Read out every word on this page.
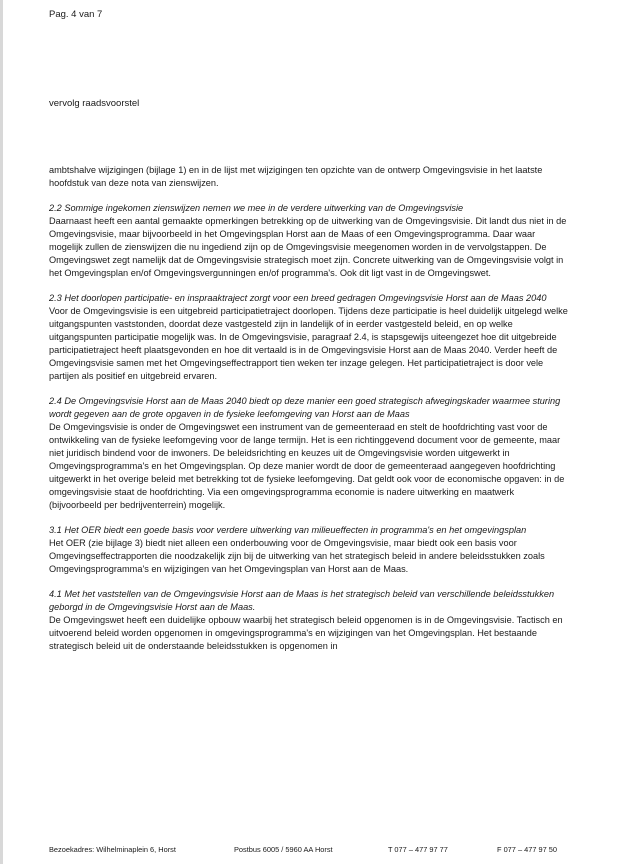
Pag. 4 van 7
vervolg raadsvoorstel

ambtshalve wijzigingen (bijlage 1) en in de lijst met wijzigingen ten opzichte van de ontwerp Omgevingsvisie in het laatste hoofdstuk van deze nota van zienswijzen.

2.2 Sommige ingekomen zienswijzen nemen we mee in de verdere uitwerking van de Omgevingsvisie
Daarnaast heeft een aantal gemaakte opmerkingen betrekking op de uitwerking van de Omgevingsvisie. Dit landt dus niet in de Omgevingsvisie, maar bijvoorbeeld in het Omgevingsplan Horst aan de Maas of een Omgevingsprogramma. Daar waar mogelijk zullen de zienswijzen die nu ingediend zijn op de Omgevingsvisie meegenomen worden in de vervolgstappen. De Omgevingswet zegt namelijk dat de Omgevingsvisie strategisch moet zijn. Concrete uitwerking van de Omgevingsvisie volgt in het Omgevingsplan en/of Omgevingsvergunningen en/of programma's. Ook dit ligt vast in de Omgevingswet.

2.3 Het doorlopen participatie- en inspraaktraject zorgt voor een breed gedragen Omgevingsvisie Horst aan de Maas 2040
Voor de Omgevingsvisie is een uitgebreid participatietraject doorlopen. Tijdens deze participatie is heel duidelijk uitgelegd welke uitgangspunten vaststonden, doordat deze vastgesteld zijn in landelijk of in eerder vastgesteld beleid, en op welke uitgangspunten participatie mogelijk was. In de Omgevingsvisie, paragraaf 2.4, is stapsgewijs uiteengezet hoe dit uitgebreide participatietraject heeft plaatsgevonden en hoe dit vertaald is in de Omgevingsvisie Horst aan de Maas 2040. Verder heeft de Omgevingsvisie samen met het Omgevingseffectrapport tien weken ter inzage gelegen. Het participatietraject is door vele partijen als positief en uitgebreid ervaren.

2.4 De Omgevingsvisie Horst aan de Maas 2040 biedt op deze manier een goed strategisch afwegingskader waarmee sturing wordt gegeven aan de grote opgaven in de fysieke leefomgeving van Horst aan de Maas
De Omgevingsvisie is onder de Omgevingswet een instrument van de gemeenteraad en stelt de hoofdrichting vast voor de ontwikkeling van de fysieke leefomgeving voor de lange termijn. Het is een richtinggevend document voor de gemeente, maar niet juridisch bindend voor de inwoners. De beleidsrichting en keuzes uit de Omgevingsvisie worden uitgewerkt in Omgevingsprogramma's en het Omgevingsplan. Op deze manier wordt de door de gemeenteraad aangegeven hoofdrichting uitgewerkt in het overige beleid met betrekking tot de fysieke leefomgeving. Dat geldt ook voor de economische opgaven: in de omgevingsvisie staat de hoofdrichting. Via een omgevingsprogramma economie is nadere uitwerking en maatwerk (bijvoorbeeld per bedrijventerrein) mogelijk.

3.1 Het OER biedt een goede basis voor verdere uitwerking van milieueffecten in programma's en het omgevingsplan
Het OER (zie bijlage 3) biedt niet alleen een onderbouwing voor de Omgevingsvisie, maar biedt ook een basis voor Omgevingseffectrapporten die noodzakelijk zijn bij de uitwerking van het strategisch beleid in andere beleidsstukken zoals Omgevingsprogramma's en wijzigingen van het Omgevingsplan van Horst aan de Maas.

4.1 Met het vaststellen van de Omgevingsvisie Horst aan de Maas is het strategisch beleid van verschillende beleidsstukken geborgd in de Omgevingsvisie Horst aan de Maas.
De Omgevingswet heeft een duidelijke opbouw waarbij het strategisch beleid opgenomen is in de Omgevingsvisie. Tactisch en uitvoerend beleid worden opgenomen in omgevingsprogramma's en wijzigingen van het Omgevingsplan. Het bestaande strategisch beleid uit de onderstaande beleidsstukken is opgenomen in

Bezoekadres: Wilhelminaplein 6, Horst	Postbus 6005 / 5960 AA Horst	T 077 – 477 97 77	F 077 – 477 97 50
